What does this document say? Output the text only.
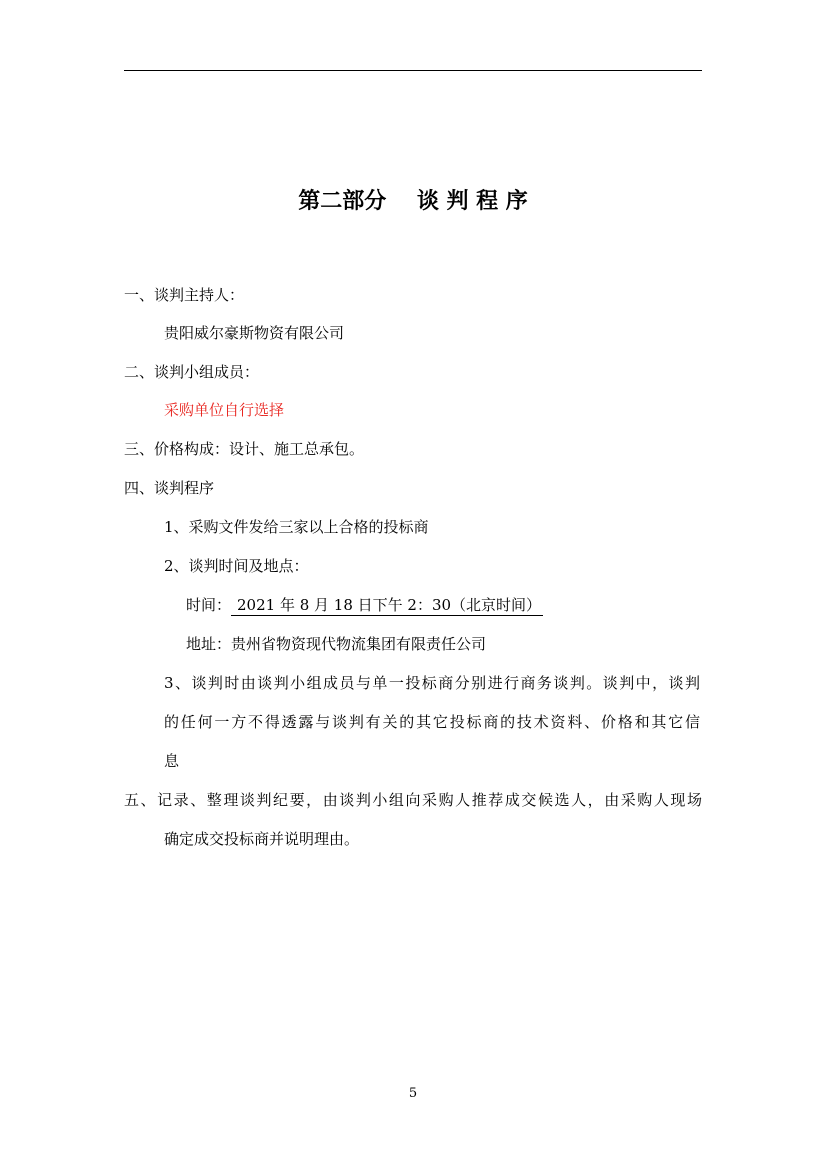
第二部分    谈 判 程 序
一、谈判主持人：
贵阳威尔豪斯物资有限公司
二、谈判小组成员：
采购单位自行选择
三、价格构成：设计、施工总承包。
四、谈判程序
1、采购文件发给三家以上合格的投标商
2、谈判时间及地点：
时间： 2021 年 8 月 18 日下午 2：30（北京时间）
地址：贵州省物资现代物流集团有限责任公司
3、谈判时由谈判小组成员与单一投标商分别进行商务谈判。谈判中，谈判
的任何一方不得透露与谈判有关的其它投标商的技术资料、价格和其它信
息
五、记录、整理谈判纪要，由谈判小组向采购人推荐成交候选人，由采购人现场
确定成交投标商并说明理由。
5
